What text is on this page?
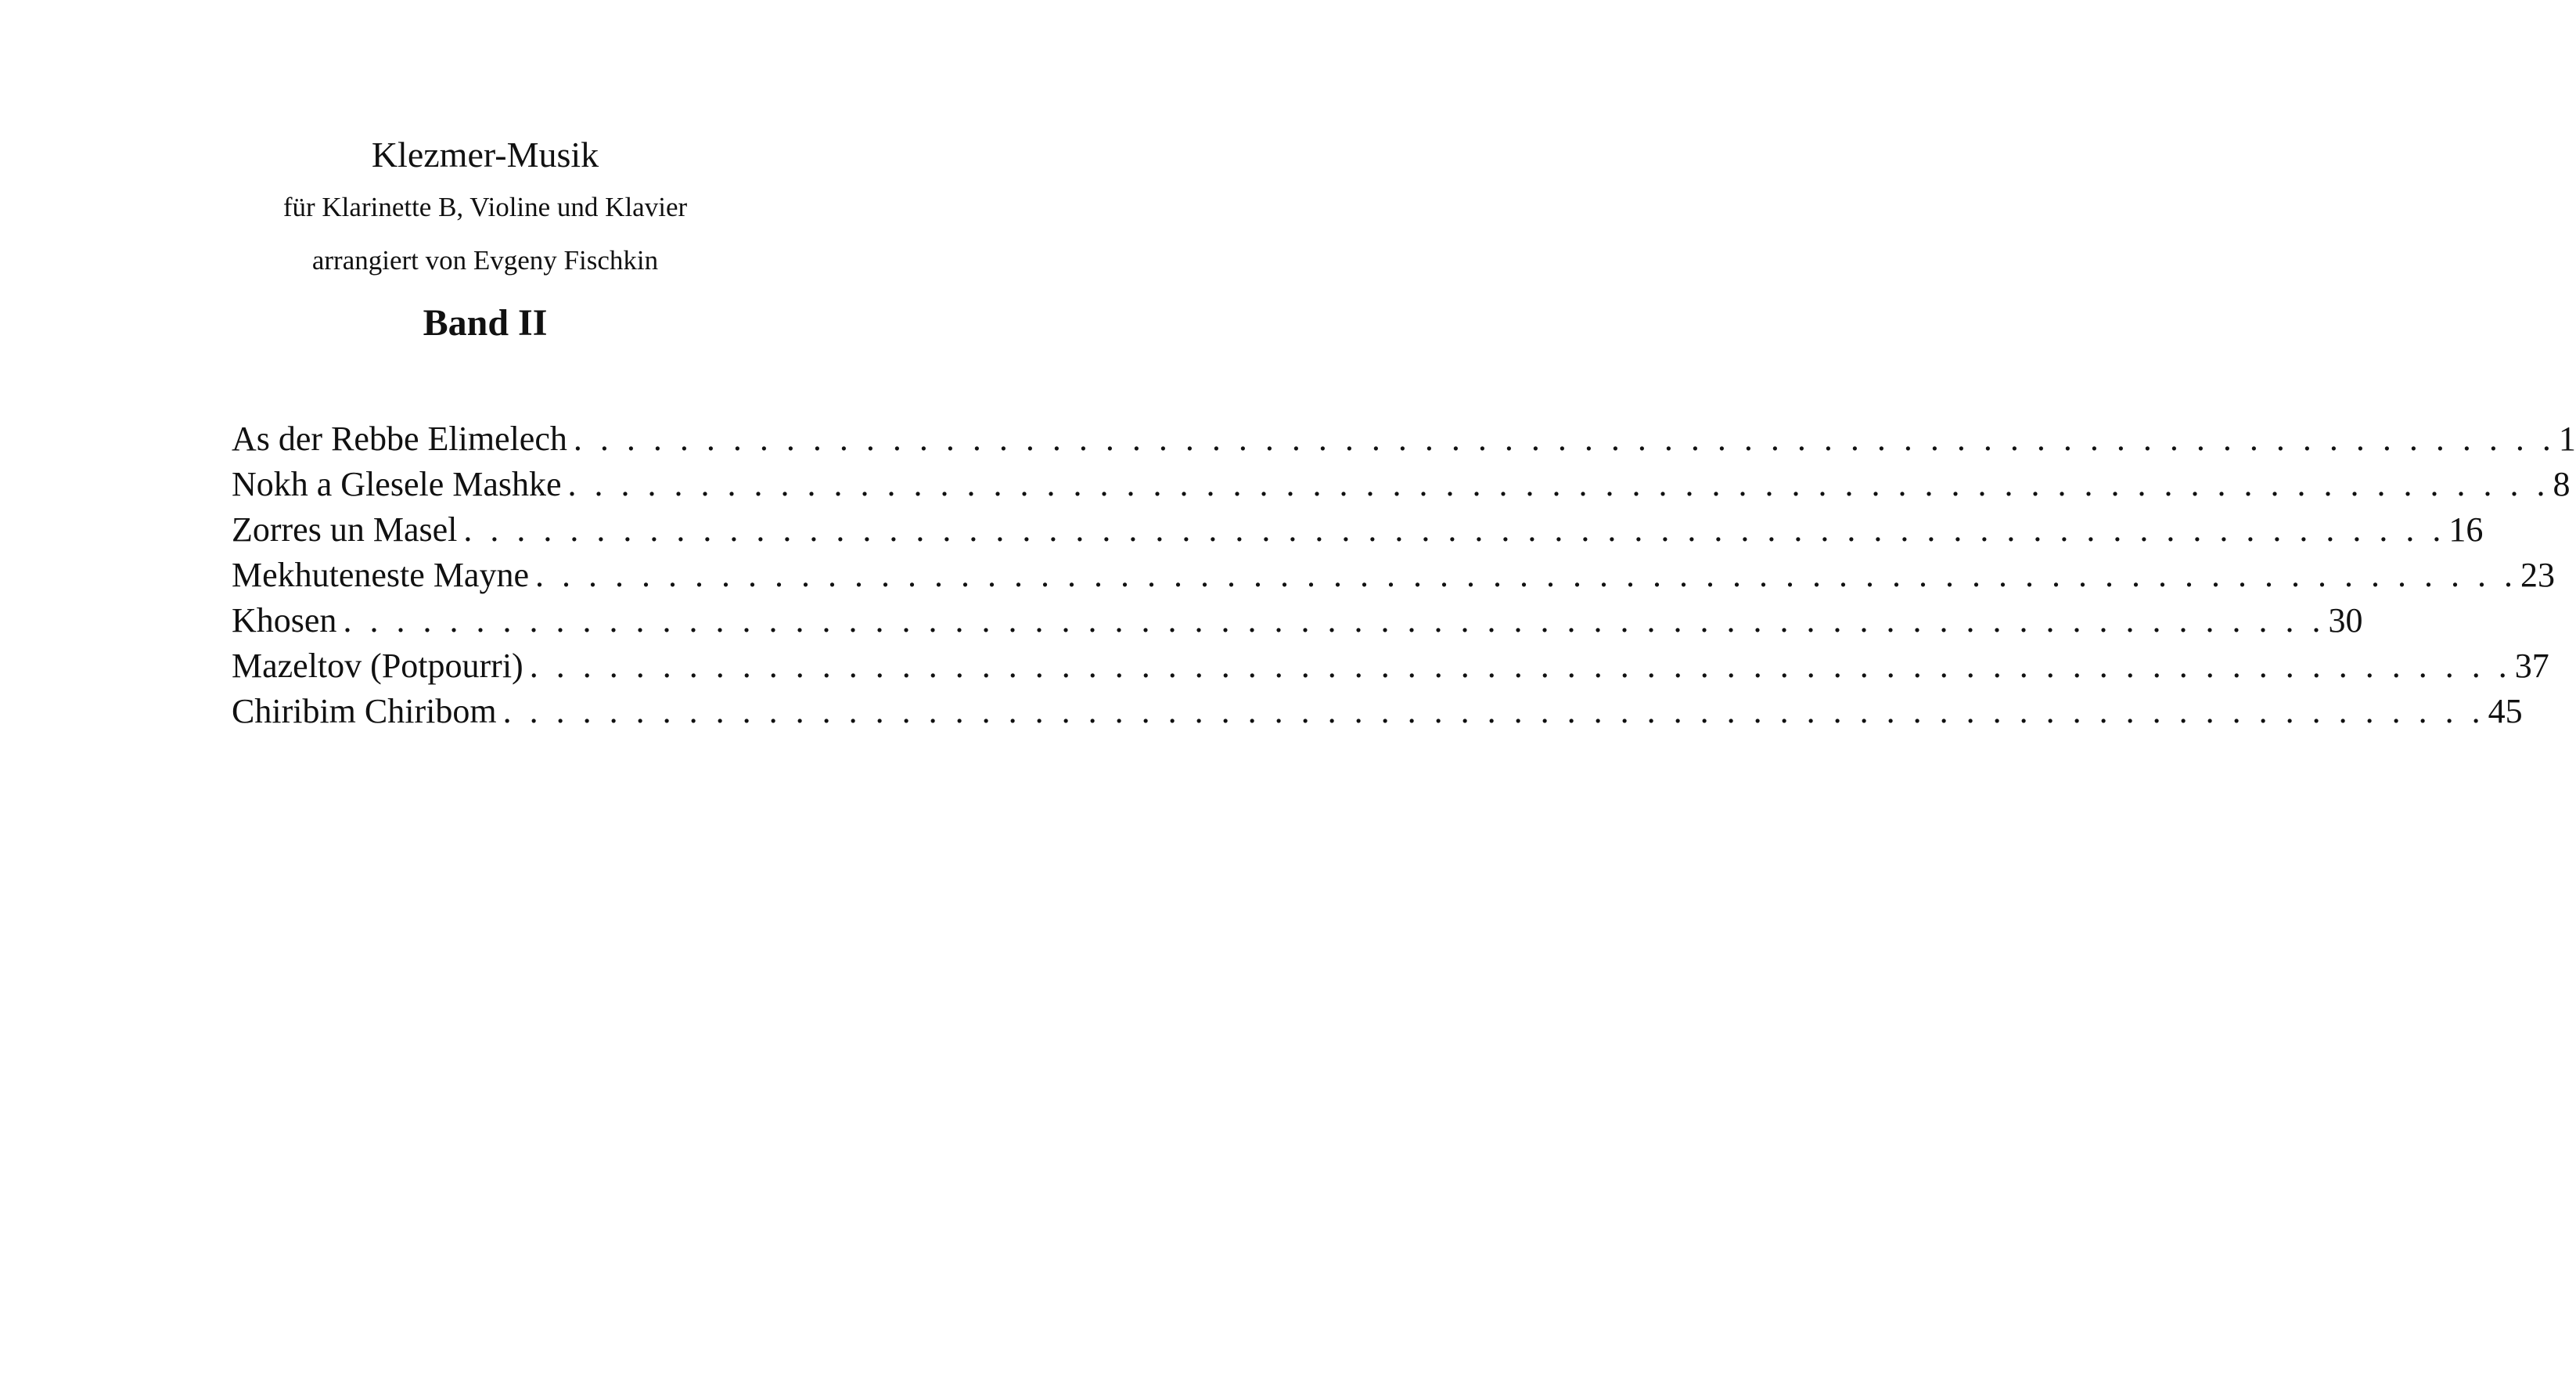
Klezmer-Musik
für Klarinette B, Violine und Klavier
arrangiert von Evgeny Fischkin
Band II
As der Rebbe Elimelech . . . . . . . . . . . . . . . . . . . . . . . . . . . . . . . . . . . . . . . . . . . . . . . . . . . . . . . . . . . . . . . . . . . . . . . . . . . 1
Nokh a Glesele Mashke . . . . . . . . . . . . . . . . . . . . . . . . . . . . . . . . . . . . . . . . . . . . . . . . . . . . . . . . . . . . . . . . . . . . . . . . . . . 8
Zorres un Masel . . . . . . . . . . . . . . . . . . . . . . . . . . . . . . . . . . . . . . . . . . . . . . . . . . . . . . . . . . . . . . . . . . . . . . . . . . . 16
Mekhuteneste Mayne . . . . . . . . . . . . . . . . . . . . . . . . . . . . . . . . . . . . . . . . . . . . . . . . . . . . . . . . . . . . . . . . . . . . . . . . . . . 23
Khosen . . . . . . . . . . . . . . . . . . . . . . . . . . . . . . . . . . . . . . . . . . . . . . . . . . . . . . . . . . . . . . . . . . . . . . . . . . . 30
Mazeltov (Potpourri) . . . . . . . . . . . . . . . . . . . . . . . . . . . . . . . . . . . . . . . . . . . . . . . . . . . . . . . . . . . . . . . . . . . . . . . . . . . 37
Chiribim Chiribom . . . . . . . . . . . . . . . . . . . . . . . . . . . . . . . . . . . . . . . . . . . . . . . . . . . . . . . . . . . . . . . . . . . . . . . . . . . 45
